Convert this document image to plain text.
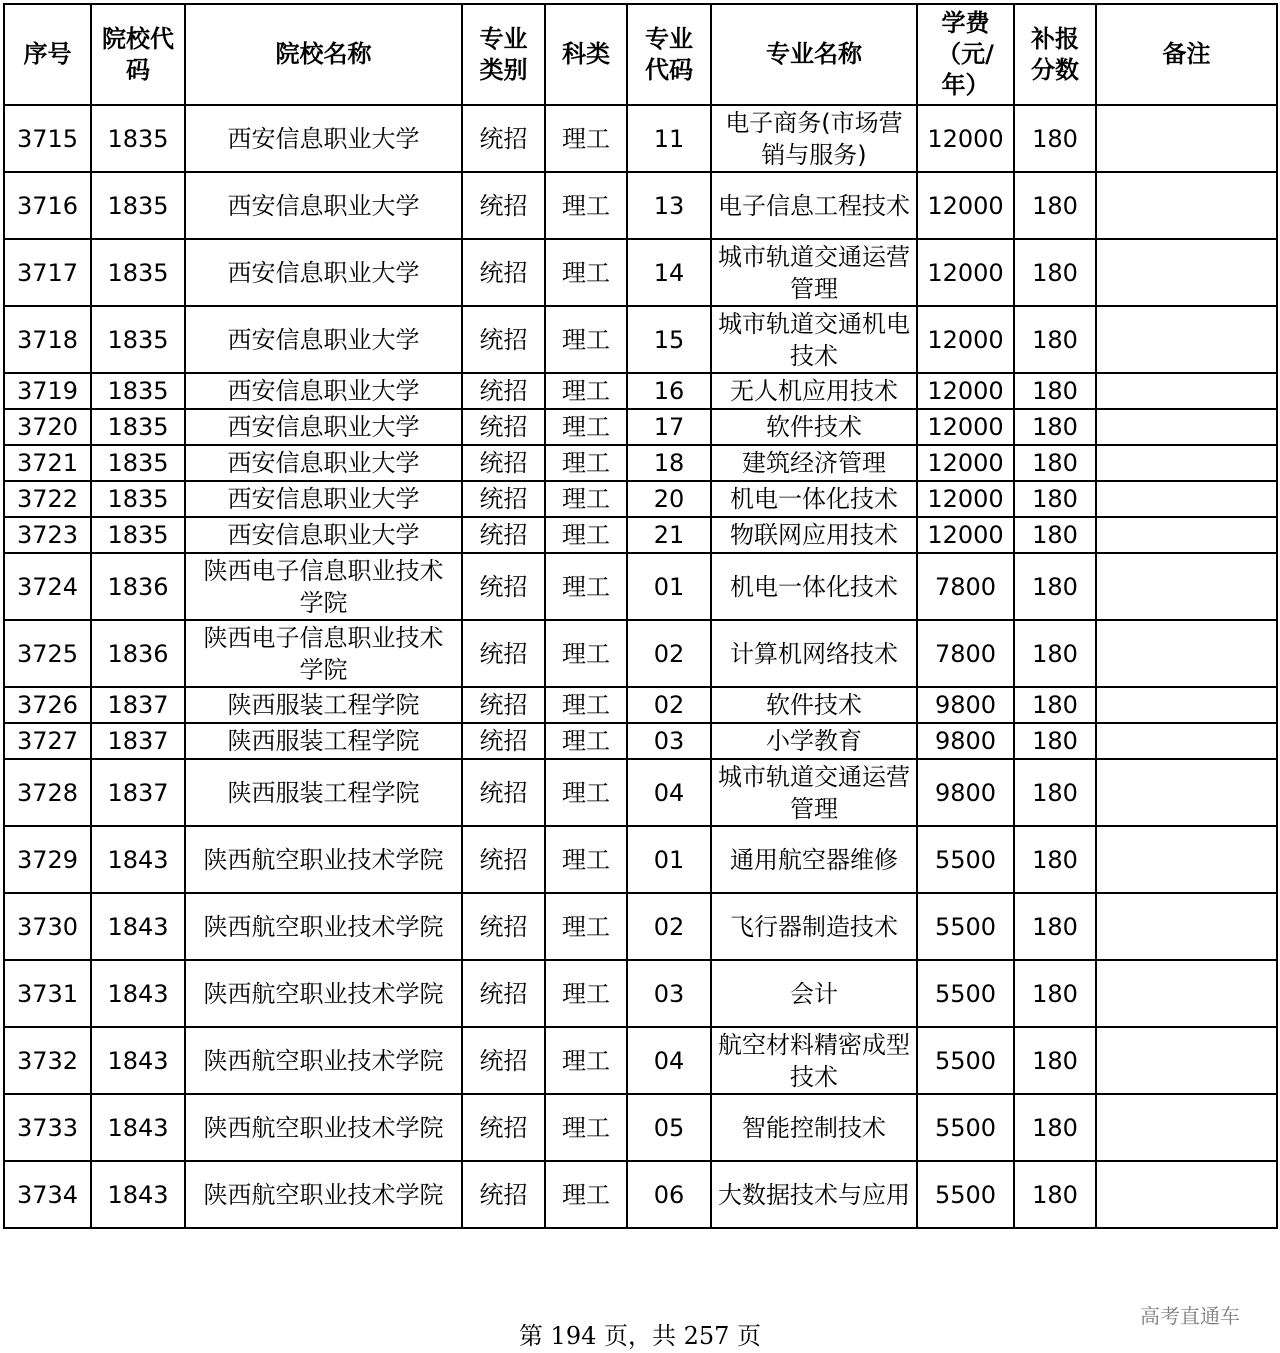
序号	院校代码	院校名称	专业类别	科类	专业代码	专业名称	学费（元/年）	补报分数	备注
3715	1835	西安信息职业大学	统招	理工	11	电子商务(市场营销与服务)	12000	180	
3716	1835	西安信息职业大学	统招	理工	13	电子信息工程技术	12000	180	
3717	1835	西安信息职业大学	统招	理工	14	城市轨道交通运营管理	12000	180	
3718	1835	西安信息职业大学	统招	理工	15	城市轨道交通机电技术	12000	180	
3719	1835	西安信息职业大学	统招	理工	16	无人机应用技术	12000	180	
3720	1835	西安信息职业大学	统招	理工	17	软件技术	12000	180	
3721	1835	西安信息职业大学	统招	理工	18	建筑经济管理	12000	180	
3722	1835	西安信息职业大学	统招	理工	20	机电一体化技术	12000	180	
3723	1835	西安信息职业大学	统招	理工	21	物联网应用技术	12000	180	
3724	1836	陕西电子信息职业技术学院	统招	理工	01	机电一体化技术	7800	180	
3725	1836	陕西电子信息职业技术学院	统招	理工	02	计算机网络技术	7800	180	
3726	1837	陕西服装工程学院	统招	理工	02	软件技术	9800	180	
3727	1837	陕西服装工程学院	统招	理工	03	小学教育	9800	180	
3728	1837	陕西服装工程学院	统招	理工	04	城市轨道交通运营管理	9800	180	
3729	1843	陕西航空职业技术学院	统招	理工	01	通用航空器维修	5500	180	
3730	1843	陕西航空职业技术学院	统招	理工	02	飞行器制造技术	5500	180	
3731	1843	陕西航空职业技术学院	统招	理工	03	会计	5500	180	
3732	1843	陕西航空职业技术学院	统招	理工	04	航空材料精密成型技术	5500	180	
3733	1843	陕西航空职业技术学院	统招	理工	05	智能控制技术	5500	180	
3734	1843	陕西航空职业技术学院	统招	理工	06	大数据技术与应用	5500	180	
第 194 页，共 257 页
高考直通车
